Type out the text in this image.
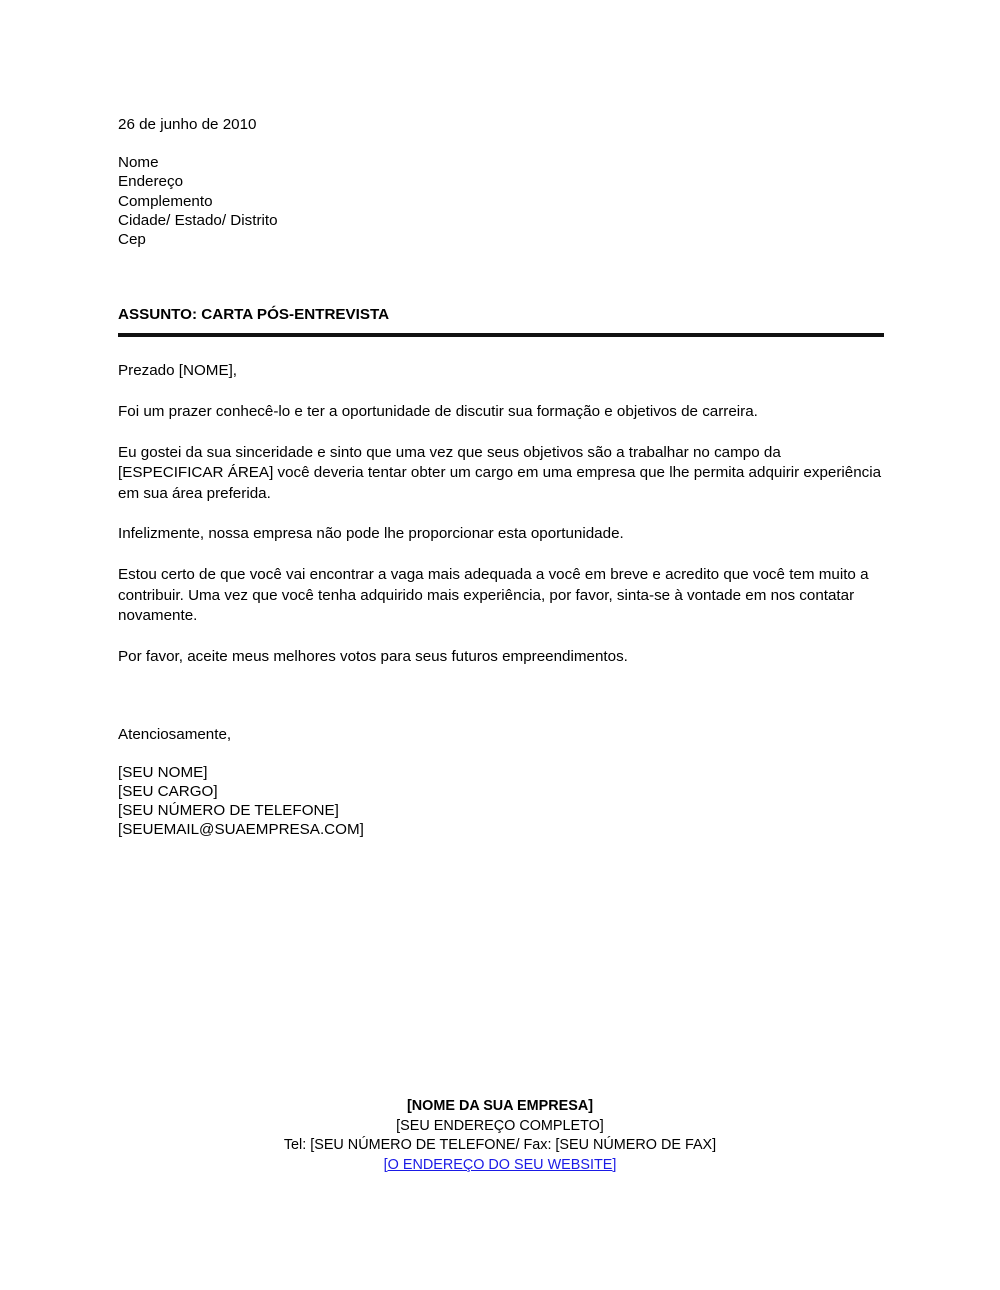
26 de junho de 2010
Nome
Endereço
Complemento
Cidade/ Estado/ Distrito
Cep
ASSUNTO: CARTA PÓS-ENTREVISTA

Prezado [NOME],

Foi um prazer conhecê-lo e ter a oportunidade de discutir sua formação e objetivos de carreira.

Eu gostei da sua sinceridade e sinto que uma vez que seus objetivos são a trabalhar no campo da [ESPECIFICAR ÁREA] você deveria tentar obter um cargo em uma empresa que lhe permita adquirir experiência em sua área preferida.

Infelizmente, nossa empresa não pode lhe proporcionar esta oportunidade.

Estou certo de que você vai encontrar a vaga mais adequada a você em breve e acredito que você tem muito a contribuir. Uma vez que você tenha adquirido mais experiência, por favor, sinta-se à vontade em nos contatar novamente.

Por favor, aceite meus melhores votos para seus futuros empreendimentos.

Atenciosamente,
[SEU NOME]
[SEU CARGO]
[SEU NÚMERO DE TELEFONE]
[SEUEMAIL@SUAEMPRESA.COM]
[NOME DA SUA EMPRESA]
[SEU ENDEREÇO COMPLETO]
Tel: [SEU NÚMERO DE TELEFONE/ Fax: [SEU NÚMERO DE FAX]
[O ENDEREÇO DO SEU WEBSITE]
